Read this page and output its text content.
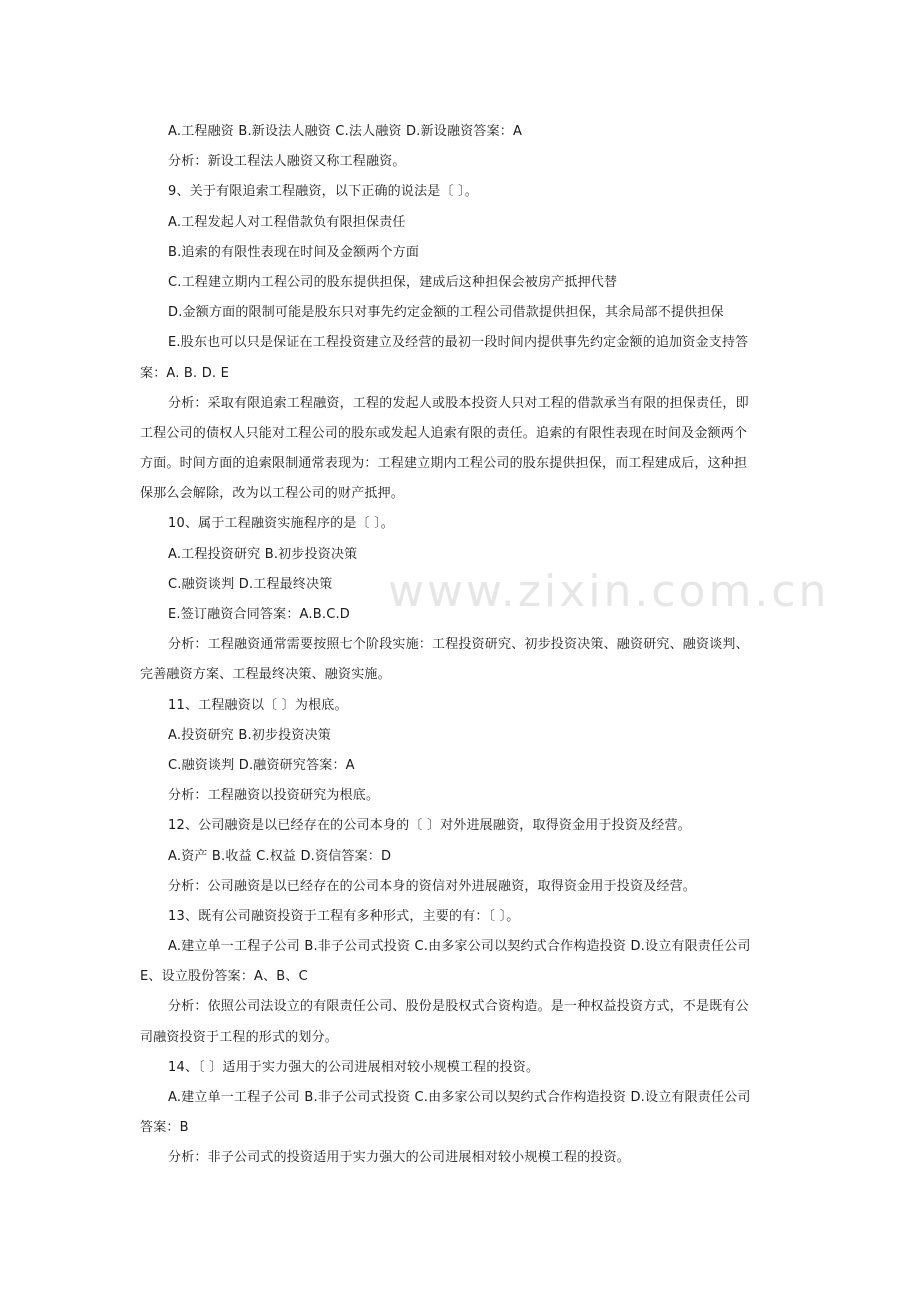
www.zixin.com.cn
A.工程融资 B.新设法人融资 C.法人融资 D.新设融资答案：A
分析：新设工程法人融资又称工程融资。
9、关于有限追索工程融资，以下正确的说法是〔 〕。
A.工程发起人对工程借款负有限担保责任
B.追索的有限性表现在时间及金额两个方面
C.工程建立期内工程公司的股东提供担保，建成后这种担保会被房产抵押代替
D.金额方面的限制可能是股东只对事先约定金额的工程公司借款提供担保，其余局部不提供担保
E.股东也可以只是保证在工程投资建立及经营的最初一段时间内提供事先约定金额的追加资金支持答
案：A. B. D. E
分析：采取有限追索工程融资，工程的发起人或股本投资人只对工程的借款承当有限的担保责任，即
工程公司的债权人只能对工程公司的股东或发起人追索有限的责任。追索的有限性表现在时间及金额两个
方面。时间方面的追索限制通常表现为：工程建立期内工程公司的股东提供担保，而工程建成后，这种担
保那么会解除，改为以工程公司的财产抵押。
10、属于工程融资实施程序的是〔 〕。
A.工程投资研究 B.初步投资决策
C.融资谈判 D.工程最终决策
E.签订融资合同答案：A.B.C.D
分析：工程融资通常需要按照七个阶段实施：工程投资研究、初步投资决策、融资研究、融资谈判、
完善融资方案、工程最终决策、融资实施。
11、工程融资以〔 〕为根底。
A.投资研究 B.初步投资决策
C.融资谈判 D.融资研究答案：A
分析：工程融资以投资研究为根底。
12、公司融资是以已经存在的公司本身的〔 〕对外进展融资，取得资金用于投资及经营。
A.资产 B.收益 C.权益 D.资信答案：D
分析：公司融资是以已经存在的公司本身的资信对外进展融资，取得资金用于投资及经营。
13、既有公司融资投资于工程有多种形式，主要的有：〔 〕。
A.建立单一工程子公司 B.非子公司式投资 C.由多家公司以契约式合作构造投资 D.设立有限责任公司
E、设立股份答案：A、B、C
分析：依照公司法设立的有限责任公司、股份是股权式合资构造。是一种权益投资方式，不是既有公
司融资投资于工程的形式的划分。
14、〔 〕适用于实力强大的公司进展相对较小规模工程的投资。
A.建立单一工程子公司 B.非子公司式投资 C.由多家公司以契约式合作构造投资 D.设立有限责任公司
答案：B
分析：非子公司式的投资适用于实力强大的公司进展相对较小规模工程的投资。
